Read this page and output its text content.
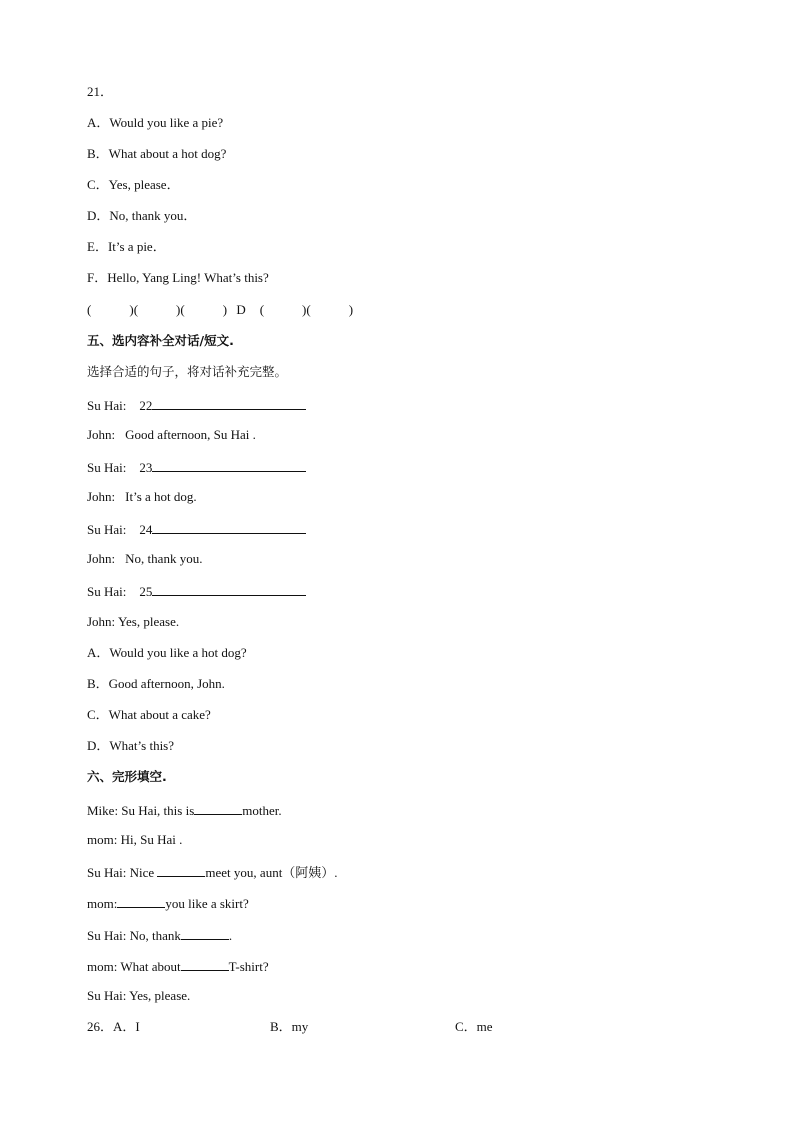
21．
A．Would you like a pie?
B．What about a hot dog?
C．Yes, please．
D．No, thank you．
E．It’s a pie．
F．Hello, Yang Ling! What’s this?
(	)(	)(	) D (	)(	)
五、选内容补全对话/短文.
选择合适的句子，将对话补充完整。
Su Hai: 22
John: Good afternoon, Su Hai .
Su Hai: 23
John: It’s a hot dog.
Su Hai: 24
John: No, thank you.
Su Hai: 25
John: Yes, please.
A．Would you like a hot dog?
B．Good afternoon, John.
C．What about a cake?
D．What’s this?
六、完形填空.
Mike: Su Hai, this is	mother.
mom: Hi, Su Hai .
Su Hai: Nice	meet you, aunt（阿姨）.
mom:	you like a skirt?
Su Hai: No, thank	.
mom: What about	T-shirt?
Su Hai: Yes, please.
26．A．I	B．my	C．me
